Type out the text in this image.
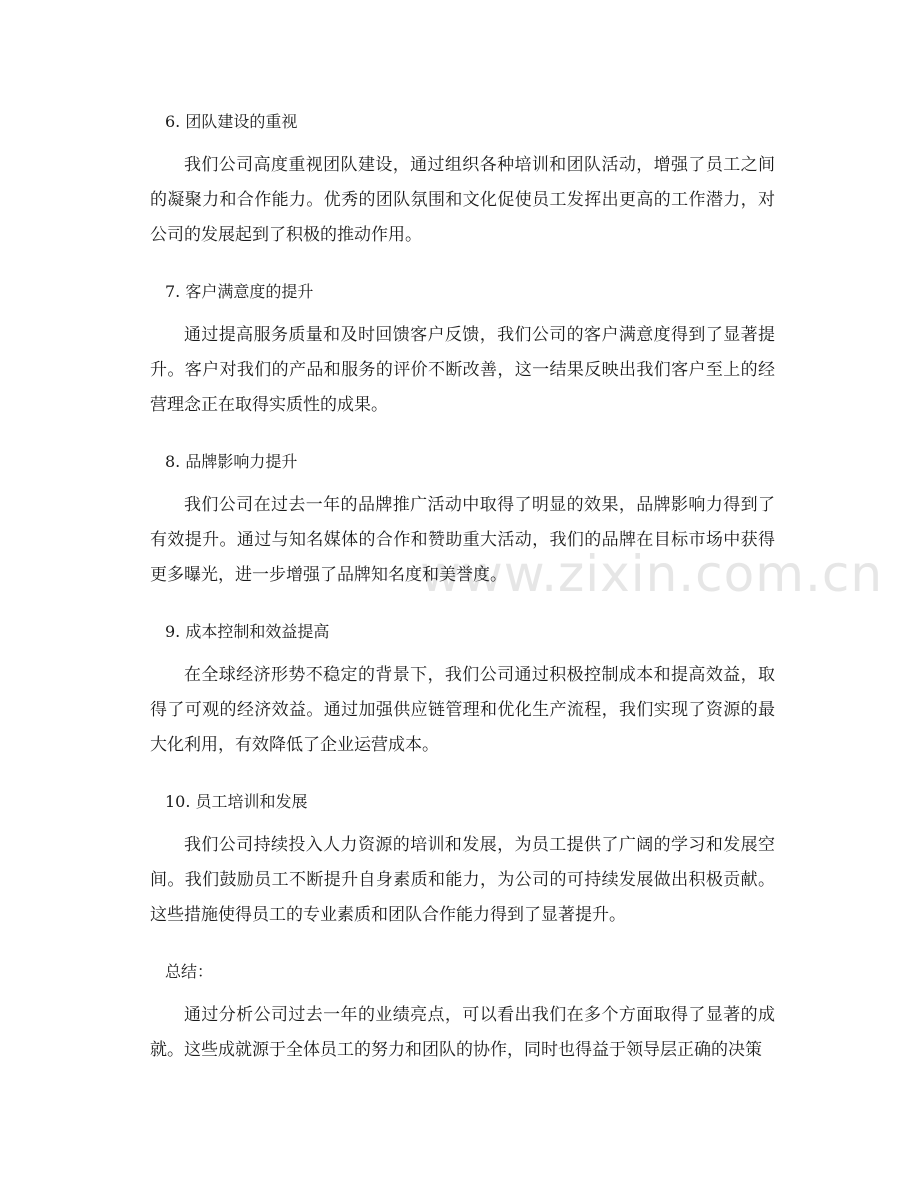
www.zixin.com.cn
6. 团队建设的重视

我们公司高度重视团队建设，通过组织各种培训和团队活动，增强了员工之间的凝聚力和合作能力。优秀的团队氛围和文化促使员工发挥出更高的工作潜力，对公司的发展起到了积极的推动作用。

7. 客户满意度的提升

通过提高服务质量和及时回馈客户反馈，我们公司的客户满意度得到了显著提升。客户对我们的产品和服务的评价不断改善，这一结果反映出我们客户至上的经营理念正在取得实质性的成果。

8. 品牌影响力提升

我们公司在过去一年的品牌推广活动中取得了明显的效果，品牌影响力得到了有效提升。通过与知名媒体的合作和赞助重大活动，我们的品牌在目标市场中获得更多曝光，进一步增强了品牌知名度和美誉度。

9. 成本控制和效益提高

在全球经济形势不稳定的背景下，我们公司通过积极控制成本和提高效益，取得了可观的经济效益。通过加强供应链管理和优化生产流程，我们实现了资源的最大化利用，有效降低了企业运营成本。

10. 员工培训和发展

我们公司持续投入人力资源的培训和发展，为员工提供了广阔的学习和发展空间。我们鼓励员工不断提升自身素质和能力，为公司的可持续发展做出积极贡献。这些措施使得员工的专业素质和团队合作能力得到了显著提升。

总结：

通过分析公司过去一年的业绩亮点，可以看出我们在多个方面取得了显著的成就。这些成就源于全体员工的努力和团队的协作，同时也得益于领导层正确的决策
